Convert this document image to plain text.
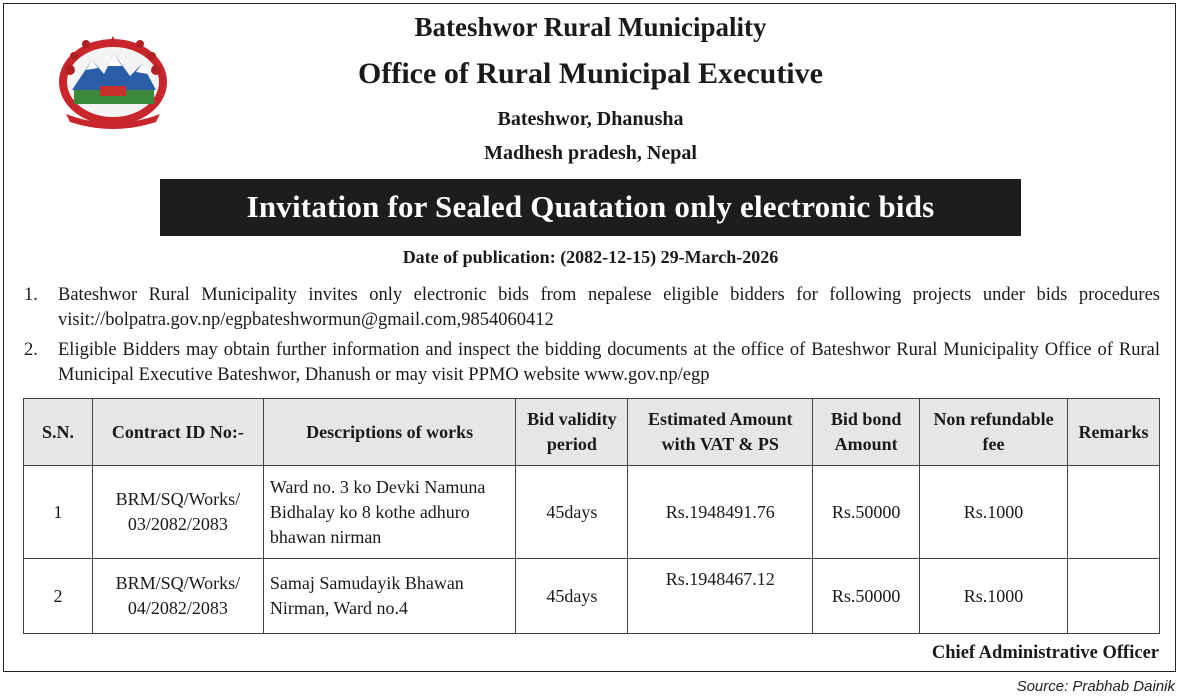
Bateshwor Rural Municipality
Office of Rural Municipal Executive
Bateshwor, Dhanusha
Madhesh pradesh, Nepal
Invitation for Sealed Quatation only electronic bids
Date of publication: (2082-12-15) 29-March-2026
1. Bateshwor Rural Municipality invites only electronic bids from nepalese eligible bidders for following projects under bids procedures visit://bolpatra.gov.np/egpbateshwormun@gmail.com,9854060412
2. Eligible Bidders may obtain further information and inspect the bidding documents at the office of Bateshwor Rural Municipality Office of Rural Municipal Executive Bateshwor, Dhanush or may visit PPMO website www.gov.np/egp
S.N.	Contract ID No:-	Descriptions of works	Bid validity period	Estimated Amount with VAT & PS	Bid bond Amount	Non refundable fee	Remarks
1	BRM/SQ/Works/ 03/2082/2083	Ward no. 3 ko Devki Namuna Bidhalay ko 8 kothe adhuro bhawan nirman	45days	Rs.1948491.76	Rs.50000	Rs.1000	
2	BRM/SQ/Works/ 04/2082/2083	Samaj Samudayik Bhawan Nirman, Ward no.4	45days	Rs.1948467.12	Rs.50000	Rs.1000	
Chief Administrative Officer
Source: Prabhab Dainik
